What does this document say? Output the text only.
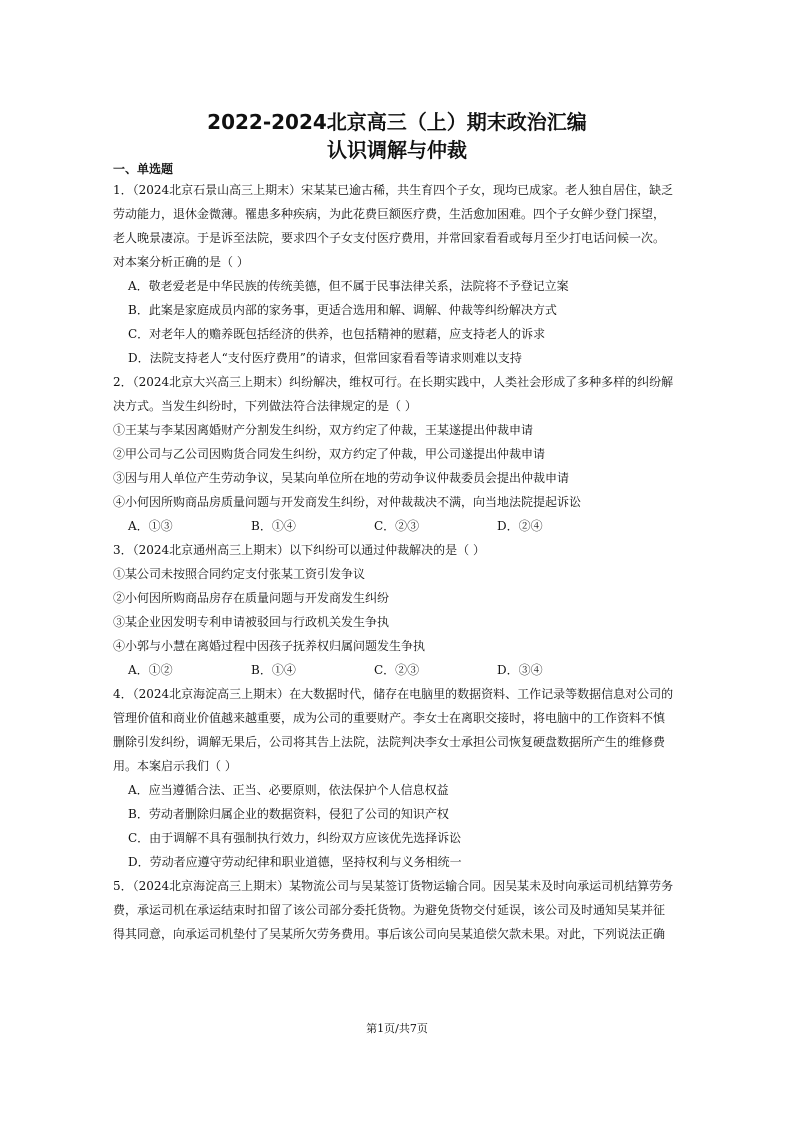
2022-2024北京高三（上）期末政治汇编
认识调解与仲裁
一、单选题
1．（2024北京石景山高三上期末）宋某某已逾古稀，共生育四个子女，现均已成家。老人独自居住，缺乏
劳动能力，退休金微薄。罹患多种疾病，为此花费巨额医疗费，生活愈加困难。四个子女鲜少登门探望，
老人晚景凄凉。于是诉至法院，要求四个子女支付医疗费用，并常回家看看或每月至少打电话问候一次。
对本案分析正确的是（ ）
A．敬老爱老是中华民族的传统美德，但不属于民事法律关系，法院将不予登记立案
B．此案是家庭成员内部的家务事，更适合选用和解、调解、仲裁等纠纷解决方式
C．对老年人的赡养既包括经济的供养，也包括精神的慰藉，应支持老人的诉求
D．法院支持老人“支付医疗费用”的请求，但常回家看看等请求则难以支持
2．（2024北京大兴高三上期末）纠纷解决，维权可行。在长期实践中，人类社会形成了多种多样的纠纷解
决方式。当发生纠纷时，下列做法符合法律规定的是（ ）
①王某与李某因离婚财产分割发生纠纷，双方约定了仲裁，王某遂提出仲裁申请
②甲公司与乙公司因购货合同发生纠纷，双方约定了仲裁，甲公司遂提出仲裁申请
③因与用人单位产生劳动争议，吴某向单位所在地的劳动争议仲裁委员会提出仲裁申请
④小何因所购商品房质量问题与开发商发生纠纷，对仲裁裁决不满，向当地法院提起诉讼
A．①③	B．①④	C．②③	D．②④
3．（2024北京通州高三上期末）以下纠纷可以通过仲裁解决的是（ ）
①某公司未按照合同约定支付张某工资引发争议
②小何因所购商品房存在质量问题与开发商发生纠纷
③某企业因发明专利申请被驳回与行政机关发生争执
④小郭与小慧在离婚过程中因孩子抚养权归属问题发生争执
A．①②	B．①④	C．②③	D．③④
4．（2024北京海淀高三上期末）在大数据时代，储存在电脑里的数据资料、工作记录等数据信息对公司的
管理价值和商业价值越来越重要，成为公司的重要财产。李女士在离职交接时，将电脑中的工作资料不慎
删除引发纠纷，调解无果后，公司将其告上法院，法院判决李女士承担公司恢复硬盘数据所产生的维修费
用。本案启示我们（ ）
A．应当遵循合法、正当、必要原则，依法保护个人信息权益
B．劳动者删除归属企业的数据资料，侵犯了公司的知识产权
C．由于调解不具有强制执行效力，纠纷双方应该优先选择诉讼
D．劳动者应遵守劳动纪律和职业道德，坚持权利与义务相统一
5．（2024北京海淀高三上期末）某物流公司与吴某签订货物运输合同。因吴某未及时向承运司机结算劳务
费，承运司机在承运结束时扣留了该公司部分委托货物。为避免货物交付延误，该公司及时通知吴某并征
得其同意，向承运司机垫付了吴某所欠劳务费用。事后该公司向吴某追偿欠款未果。对此，下列说法正确
第1页/共7页
